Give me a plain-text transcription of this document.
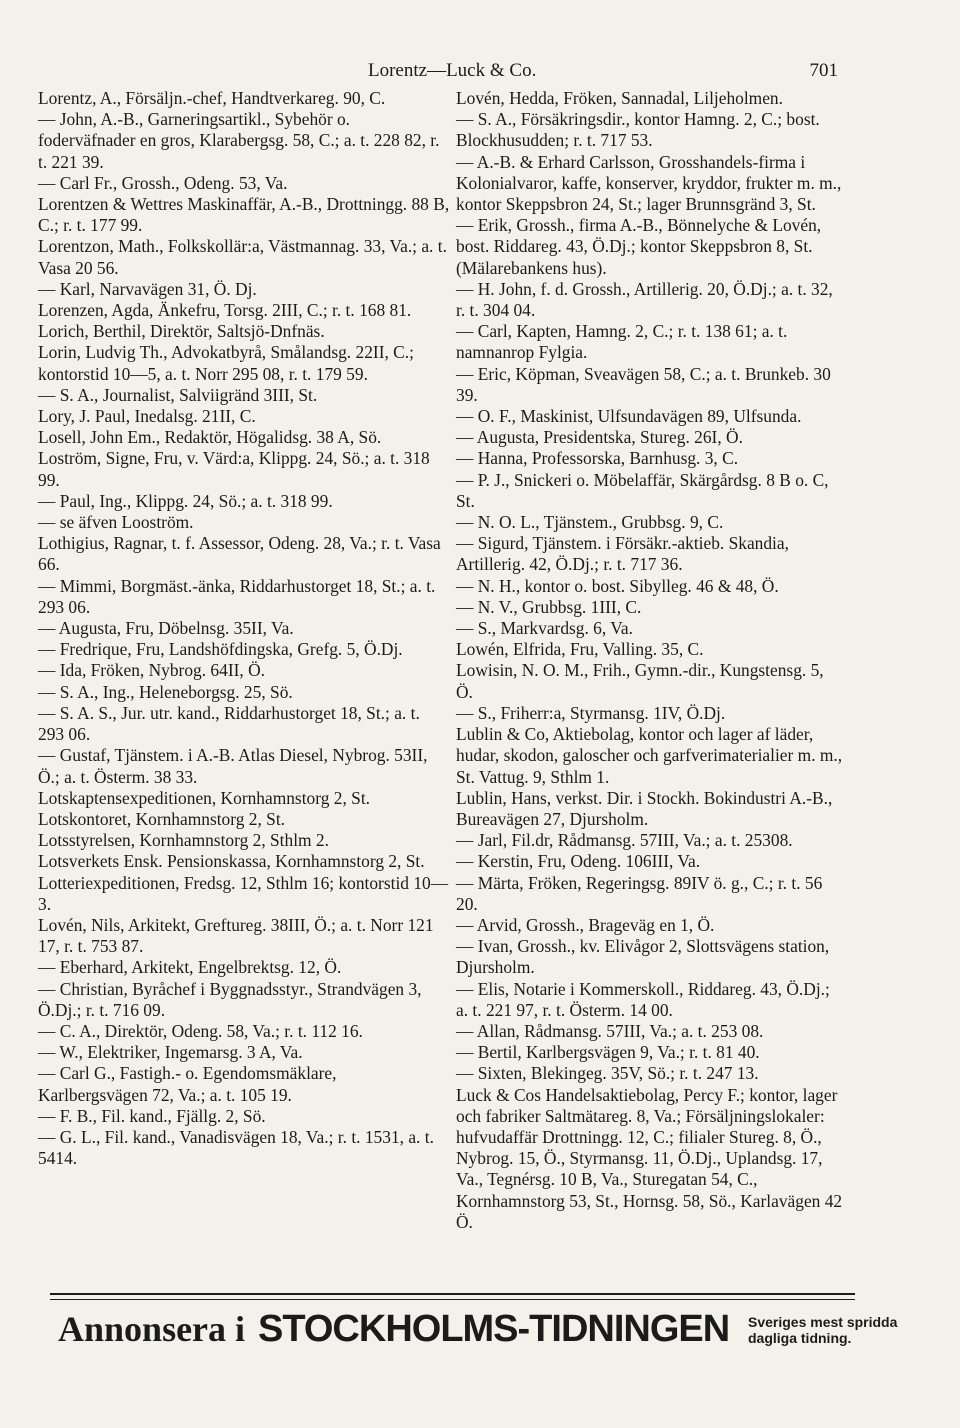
Lorentz—Luck & Co.	701
Lorentz, A., Försäljn.-chef, Handtverkareg. 90, C.
— John, A.-B., Garneringsartikl., Sybehör o. foderväfnader en gros, Klarabergsg. 58, C.; a. t. 228 82, r. t. 221 39.
— Carl Fr., Grossh., Odeng. 53, Va.
Lorentzen & Wettres Maskinaffär, A.-B., Drottningg. 88 B, C.; r. t. 177 99.
Lorentzon, Math., Folkskollär:a, Västmannag. 33, Va.; a. t. Vasa 20 56.
— Karl, Narvavägen 31, Ö. Dj.
Lorenzen, Agda, Änkefru, Torsg. 2III, C.; r. t. 168 81.
Lorich, Berthil, Direktör, Saltsjö-Dnfnäs.
Lorin, Ludvig Th., Advokatbyrå, Smålandsg. 22II, C.; kontorstid 10—5, a. t. Norr 295 08, r. t. 179 59.
— S. A., Journalist, Salviigränd 3III, St.
Lory, J. Paul, Inedalsg. 21II, C.
Losell, John Em., Redaktör, Högalidsg. 38 A, Sö.
Loström, Signe, Fru, v. Värd:a, Klippg. 24, Sö.; a. t. 318 99.
— Paul, Ing., Klippg. 24, Sö.; a. t. 318 99.
— se äfven Looström.
Lothigius, Ragnar, t. f. Assessor, Odeng. 28, Va.; r. t. Vasa 66.
— Mimmi, Borgmäst.-änka, Riddarhustorget 18, St.; a. t. 293 06.
— Augusta, Fru, Döbelnsg. 35II, Va.
— Fredrique, Fru, Landshöfdingska, Grefg. 5, Ö.Dj.
— Ida, Fröken, Nybrog. 64II, Ö.
— S. A., Ing., Heleneborgsg. 25, Sö.
— S. A. S., Jur. utr. kand., Riddarhustorget 18, St.; a. t. 293 06.
— Gustaf, Tjänstem. i A.-B. Atlas Diesel, Nybrog. 53II, Ö.; a. t. Österm. 38 33.
Lotskaptensexpeditionen, Kornhamnstorg 2, St.
Lotskontoret, Kornhamnstorg 2, St.
Lotsstyrelsen, Kornhamnstorg 2, Sthlm 2.
Lotsverkets Ensk. Pensionskassa, Kornhamnstorg 2, St.
Lotteriexpeditionen, Fredsg. 12, Sthlm 16; kontorstid 10—3.
Lovén, Nils, Arkitekt, Greftureg. 38III, Ö.; a. t. Norr 121 17, r. t. 753 87.
— Eberhard, Arkitekt, Engelbrektsg. 12, Ö.
— Christian, Byråchef i Byggnadsstyr., Strandvägen 3, Ö.Dj.; r. t. 716 09.
— C. A., Direktör, Odeng. 58, Va.; r. t. 112 16.
— W., Elektriker, Ingemarsg. 3 A, Va.
— Carl G., Fastigh.- o. Egendomsmäklare, Karlbergsvägen 72, Va.; a. t. 105 19.
— F. B., Fil. kand., Fjällg. 2, Sö.
— G. L., Fil. kand., Vanadisvägen 18, Va.; r. t. 1531, a. t. 5414.
Lovén, Hedda, Fröken, Sannadal, Liljeholmen.
— S. A., Försäkringsdir., kontor Hamng. 2, C.; bost. Blockhusudden; r. t. 717 53.
— A.-B. & Erhard Carlsson, Grosshandels-firma i Kolonialvaror, kaffe, konserver, kryddor, frukter m. m., kontor Skeppsbron 24, St.; lager Brunnsgränd 3, St.
— Erik, Grossh., firma A.-B., Bönnelyche & Lovén, bost. Riddareg. 43, Ö.Dj.; kontor Skeppsbron 8, St. (Mälarebankens hus).
— H. John, f. d. Grossh., Artillerig. 20, Ö.Dj.; a. t. 32, r. t. 304 04.
— Carl, Kapten, Hamng. 2, C.; r. t. 138 61; a. t. namnanrop Fylgia.
— Eric, Köpman, Sveavägen 58, C.; a. t. Brunkeb. 30 39.
— O. F., Maskinist, Ulfsundavägen 89, Ulfsunda.
— Augusta, Presidentska, Stureg. 26I, Ö.
— Hanna, Professorska, Barnhusg. 3, C.
— P. J., Snickeri o. Möbelaffär, Skärgårdsg. 8 B o. C, St.
— N. O. L., Tjänstem., Grubbsg. 9, C.
— Sigurd, Tjänstem. i Försäkr.-aktieb. Skandia, Artillerig. 42, Ö.Dj.; r. t. 717 36.
— N. H., kontor o. bost. Sibylleg. 46 & 48, Ö.
— N. V., Grubbsg. 1III, C.
— S., Markvardsg. 6, Va.
Lowén, Elfrida, Fru, Valling. 35, C.
Lowisin, N. O. M., Frih., Gymn.-dir., Kungstensg. 5, Ö.
— S., Friherr:a, Styrmansg. 1IV, Ö.Dj.
Lublin & Co, Aktiebolag, kontor och lager af läder, hudar, skodon, galoscher och garfverimaterialier m. m., St. Vattug. 9, Sthlm 1.
Lublin, Hans, verkst. Dir. i Stockh. Bokindustri A.-B., Bureavägen 27, Djursholm.
— Jarl, Fil.dr, Rådmansg. 57III, Va.; a. t. 25308.
— Kerstin, Fru, Odeng. 106III, Va.
— Märta, Fröken, Regeringsg. 89IV ö. g., C.; r. t. 56 20.
— Arvid, Grossh., Brageväg en 1, Ö.
— Ivan, Grossh., kv. Elivågor 2, Slottsvägens station, Djursholm.
— Elis, Notarie i Kommerskoll., Riddareg. 43, Ö.Dj.; a. t. 221 97, r. t. Österm. 14 00.
— Allan, Rådmansg. 57III, Va.; a. t. 253 08.
— Bertil, Karlbergsvägen 9, Va.; r. t. 81 40.
— Sixten, Blekingeg. 35V, Sö.; r. t. 247 13.
Luck & Cos Handelsaktiebolag, Percy F.; kontor, lager och fabriker Saltmätareg. 8, Va.; Försäljningslokaler: hufvudaffär Drottningg. 12, C.; filialer Stureg. 8, Ö., Nybrog. 15, Ö., Styrmansg. 11, Ö.Dj., Uplandsg. 17, Va., Tegnérsg. 10 B, Va., Sturegatan 54, C., Kornhamnstorg 53, St., Hornsg. 58, Sö., Karlavägen 42 Ö.
Annonsera i STOCKHOLMS-TIDNINGEN Sveriges mest spridda dagliga tidning.
